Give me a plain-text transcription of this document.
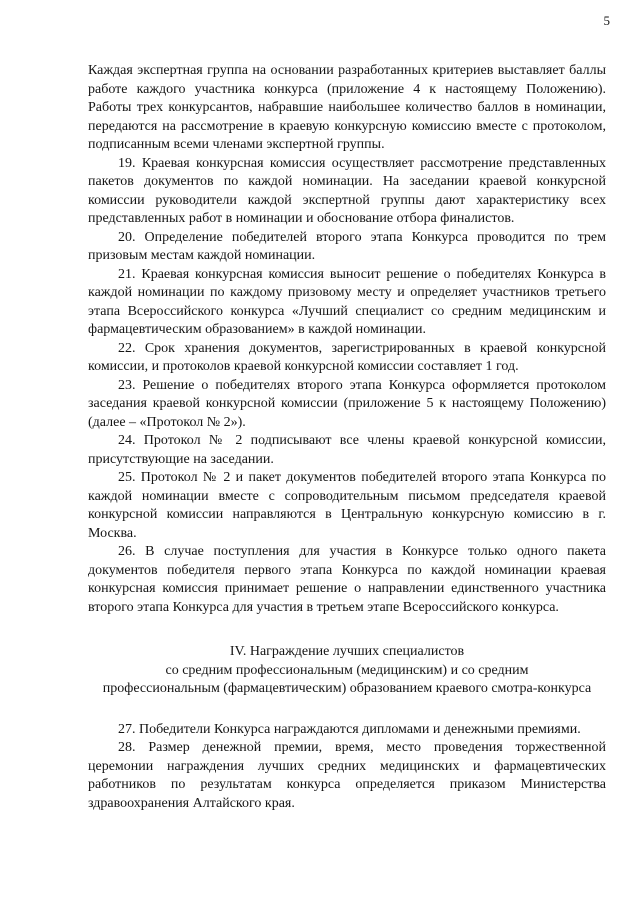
5

Каждая экспертная группа на основании разработанных критериев выставляет баллы работе каждого участника конкурса (приложение 4 к настоящему Положению). Работы трех конкурсантов, набравшие наибольшее количество баллов в номинации, передаются на рассмотрение в краевую конкурсную комиссию вместе с протоколом, подписанным всеми членами экспертной группы.

19. Краевая конкурсная комиссия осуществляет рассмотрение представленных пакетов документов по каждой номинации. На заседании краевой конкурсной комиссии руководители каждой экспертной группы дают характеристику всех представленных работ в номинации и обоснование отбора финалистов.

20. Определение победителей второго этапа Конкурса проводится по трем призовым местам каждой номинации.

21. Краевая конкурсная комиссия выносит решение о победителях Конкурса в каждой номинации по каждому призовому месту и определяет участников третьего этапа Всероссийского конкурса «Лучший специалист со средним медицинским и фармацевтическим образованием» в каждой номинации.

22. Срок хранения документов, зарегистрированных в краевой конкурсной комиссии, и протоколов краевой конкурсной комиссии составляет 1 год.

23. Решение о победителях второго этапа Конкурса оформляется протоколом заседания краевой конкурсной комиссии (приложение 5 к настоящему Положению) (далее – «Протокол № 2»).

24. Протокол № 2 подписывают все члены краевой конкурсной комиссии, присутствующие на заседании.

25. Протокол № 2 и пакет документов победителей второго этапа Конкурса по каждой номинации вместе с сопроводительным письмом председателя краевой конкурсной комиссии направляются в Центральную конкурсную комиссию в г. Москва.

26. В случае поступления для участия в Конкурсе только одного пакета документов победителя первого этапа Конкурса по каждой номинации краевая конкурсная комиссия принимает решение о направлении единственного участника второго этапа Конкурса для участия в третьем этапе Всероссийского конкурса.

IV. Награждение лучших специалистов
со средним профессиональным (медицинским) и со средним
профессиональным (фармацевтическим) образованием краевого смотра-конкурса

27. Победители Конкурса награждаются дипломами и денежными премиями.

28. Размер денежной премии, время, место проведения торжественной церемонии награждения лучших средних медицинских и фармацевтических работников по результатам конкурса определяется приказом Министерства здравоохранения Алтайского края.
